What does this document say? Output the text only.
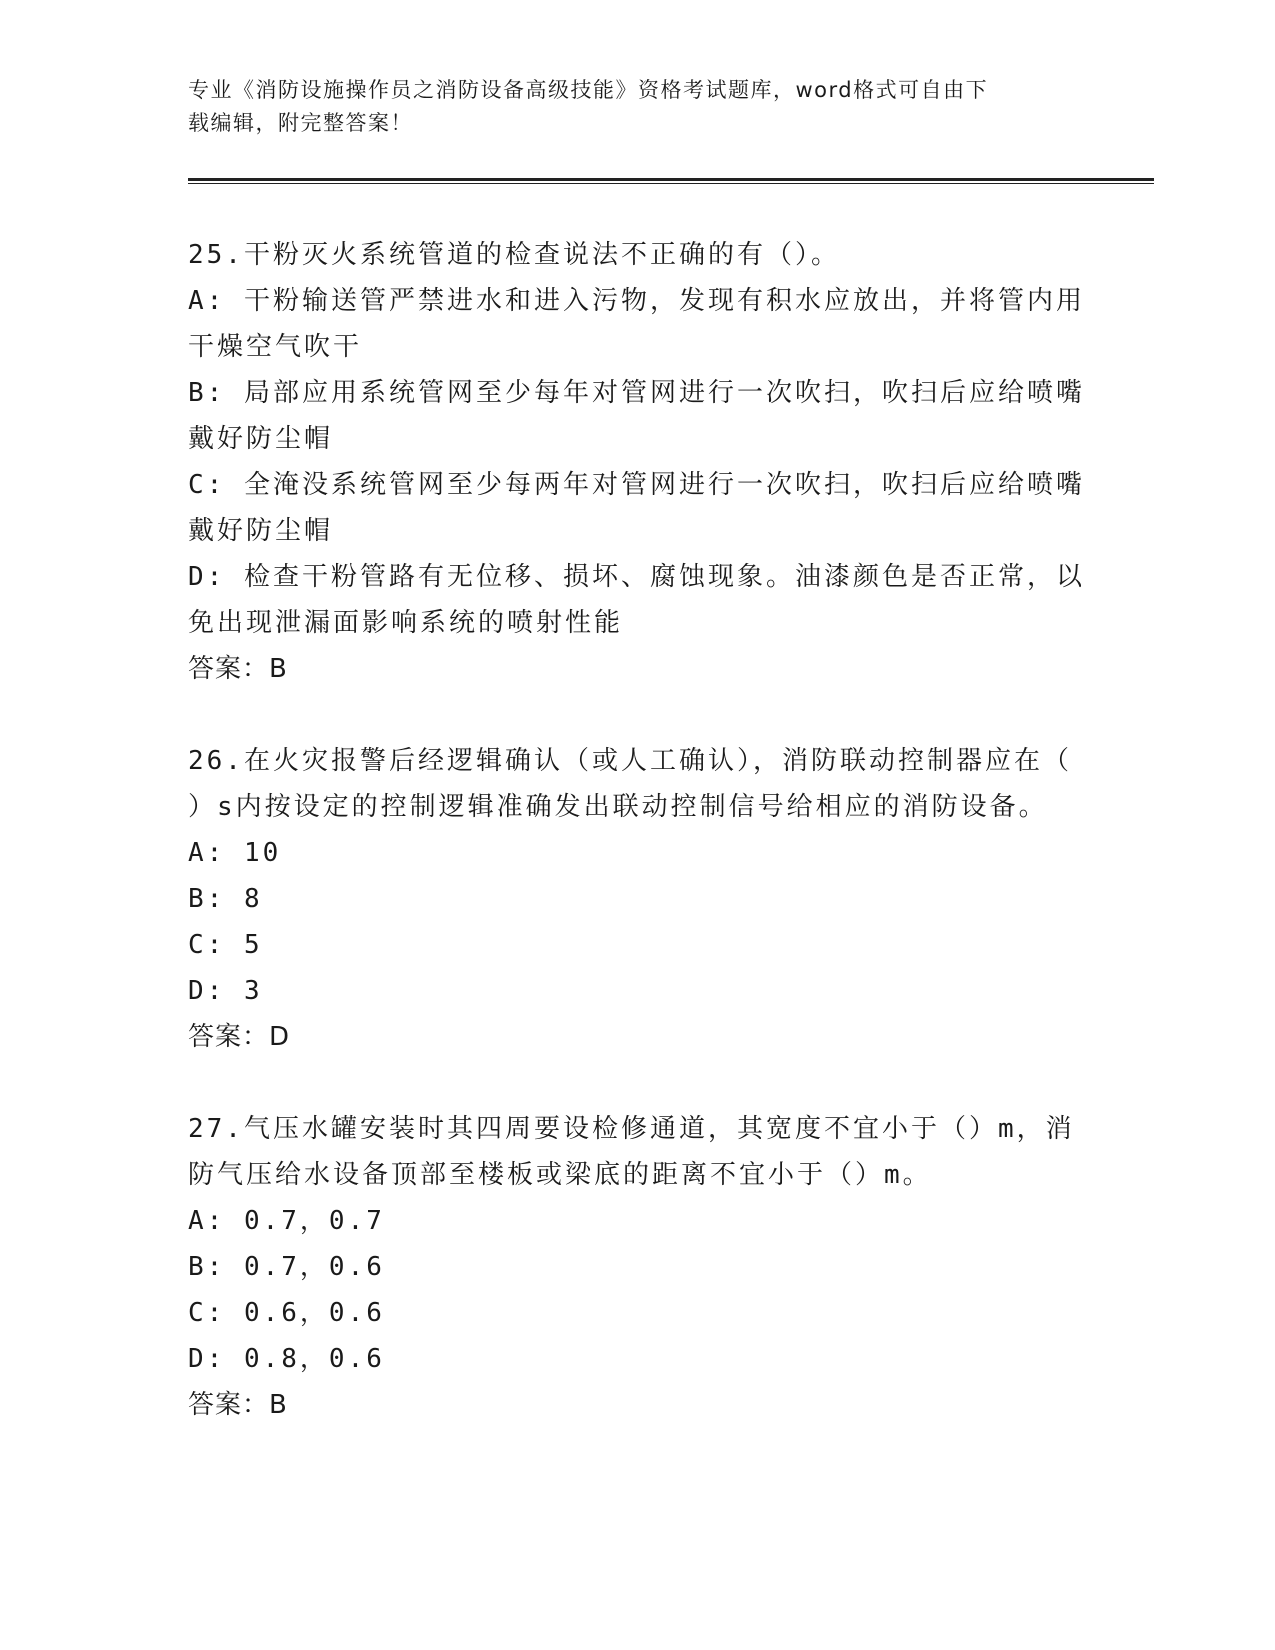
专业《消防设施操作员之消防设备高级技能》资格考试题库，word格式可自由下
载编辑，附完整答案！
25.干粉灭火系统管道的检查说法不正确的有（）。
A: 干粉输送管严禁进水和进入污物，发现有积水应放出，并将管内用
干燥空气吹干
B: 局部应用系统管网至少每年对管网进行一次吹扫，吹扫后应给喷嘴
戴好防尘帽
C: 全淹没系统管网至少每两年对管网进行一次吹扫，吹扫后应给喷嘴
戴好防尘帽
D: 检查干粉管路有无位移、损坏、腐蚀现象。油漆颜色是否正常，以
免出现泄漏面影响系统的喷射性能
答案：B
26.在火灾报警后经逻辑确认（或人工确认），消防联动控制器应在（
）s内按设定的控制逻辑准确发出联动控制信号给相应的消防设备。
A: 10
B: 8
C: 5
D: 3
答案：D
27.气压水罐安装时其四周要设检修通道，其宽度不宜小于（）m，消
防气压给水设备顶部至楼板或梁底的距离不宜小于（）m。
A: 0.7，0.7
B: 0.7，0.6
C: 0.6，0.6
D: 0.8，0.6
答案：B
